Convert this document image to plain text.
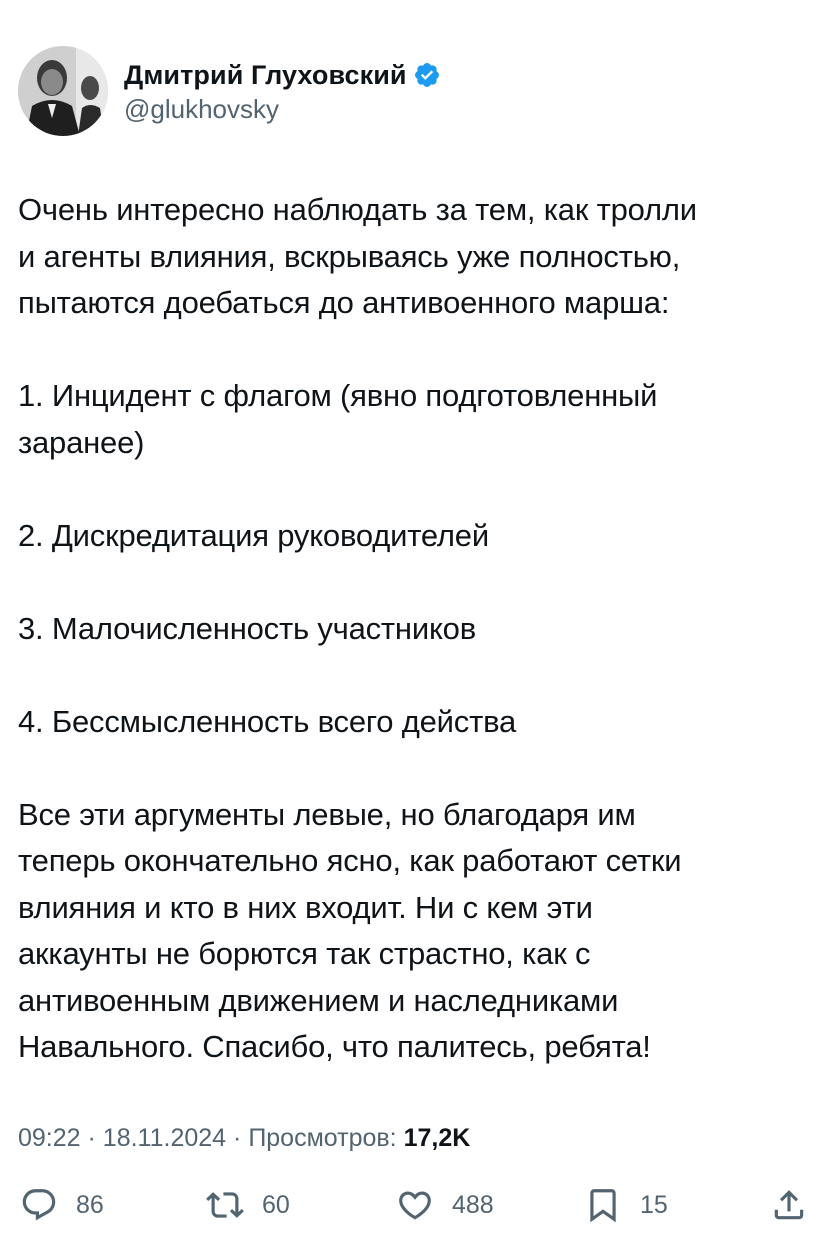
Дмитрий Глуховский
@glukhovsky

Очень интересно наблюдать за тем, как тролли

и агенты влияния, вскрываясь уже полностью,

пытаются доебаться до антивоенного марша:

1. Инцидент с флагом (явно подготовленный

заранее)

2. Дискредитация руководителей

3. Малочисленность участников

4. Бессмысленность всего действа

Все эти аргументы левые, но благодаря им

теперь окончательно ясно, как работают сетки

влияния и кто в них входит. Ни с кем эти

аккаунты не борются так страстно, как с

антивоенным движением и наследниками

Навального. Спасибо, что палитесь, ребята!

09:22 · 18.11.2024 · Просмотров: 17,2K
86	60	488	15
